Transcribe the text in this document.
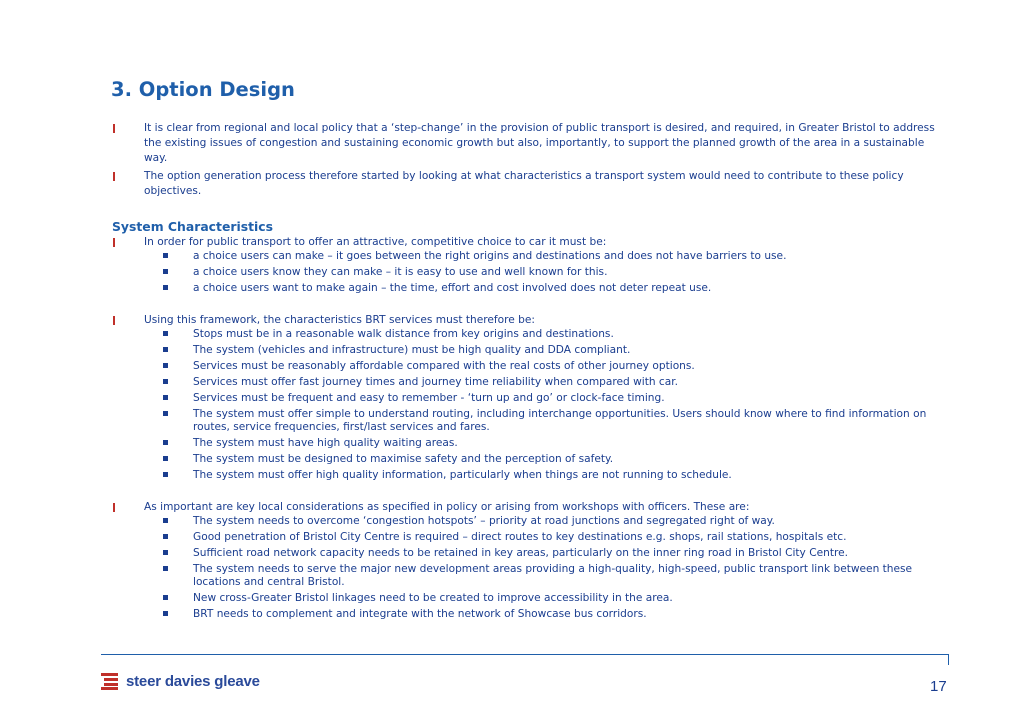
3. Option Design
It is clear from regional and local policy that a ‘step-change’ in the provision of public transport is desired, and required, in Greater Bristol to address the existing issues of congestion and sustaining economic growth but also, importantly, to support the planned growth of the area in a sustainable way.
The option generation process therefore started by looking at what characteristics a transport system would need to contribute to these policy objectives.
System Characteristics
In order for public transport to offer an attractive, competitive choice to car it must be:
a choice users can make – it goes between the right origins and destinations and does not have barriers to use.
a choice users know they can make – it is easy to use and well known for this.
a choice users want to make again – the time, effort and cost involved does not deter repeat use.
Using this framework, the characteristics BRT services must therefore be:
Stops must be in a reasonable walk distance from key origins and destinations.
The system (vehicles and infrastructure) must be high quality and DDA compliant.
Services must be reasonably affordable compared with the real costs of other journey options.
Services must offer fast journey times and journey time reliability when compared with car.
Services must be frequent and easy to remember - ‘turn up and go’ or clock-face timing.
The system must offer simple to understand routing, including interchange opportunities. Users should know where to find information on routes, service frequencies, first/last services and fares.
The system must have high quality waiting areas.
The system must be designed to maximise safety and the perception of safety.
The system must offer high quality information, particularly when things are not running to schedule.
As important are key local considerations as specified in policy or arising from workshops with officers. These are:
The system needs to overcome ‘congestion hotspots’ – priority at road junctions and segregated right of way.
Good penetration of Bristol City Centre is required – direct routes to key destinations e.g. shops, rail stations, hospitals etc.
Sufficient road network capacity needs to be retained in key areas, particularly on the inner ring road in Bristol City Centre.
The system needs to serve the major new development areas providing a high-quality, high-speed, public transport link between these locations and central Bristol.
New cross-Greater Bristol linkages need to be created to improve accessibility in the area.
BRT needs to complement and integrate with the network of Showcase bus corridors.
steer davies gleave	17
